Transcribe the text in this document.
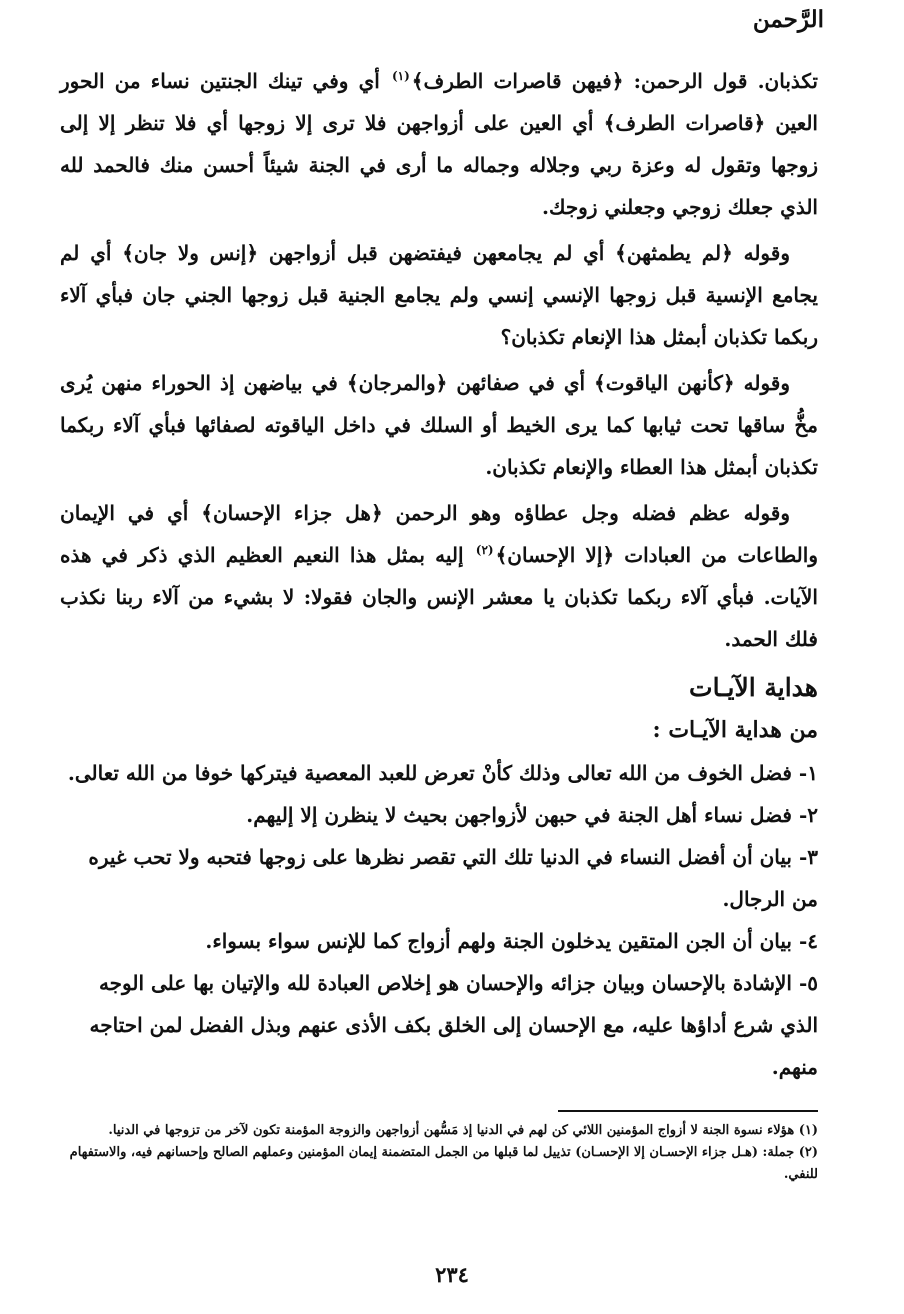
الرَّحمن

تكذبان. قول الرحمن: ﴿فيهن قاصرات الطرف﴾$^{(١)}$ أي وفي تينك الجنتين نساء من الحور العين ﴿قاصرات الطرف﴾ أي العين على أزواجهن فلا ترى إلا زوجها أي فلا تنظر إلا إلى زوجها وتقول له وعزة ربي وجلاله وجماله ما أرى في الجنة شيئاً أحسن منك فالحمد لله الذي جعلك زوجي وجعلني زوجك.

وقوله ﴿لم يطمثهن﴾ أي لم يجامعهن فيفتضهن قبل أزواجهن ﴿إنس ولا جان﴾ أي لم يجامع الإنسية قبل زوجها الإنسي إنسي ولم يجامع الجنية قبل زوجها الجني جان فبأي آلاء ربكما تكذبان أبمثل هذا الإنعام تكذبان؟

وقوله ﴿كأنهن الياقوت﴾ أي في صفائهن ﴿والمرجان﴾ في بياضهن إذ الحوراء منهن يُرى مخُّ ساقها تحت ثيابها كما يرى الخيط أو السلك في داخل الياقوته لصفائها فبأي آلاء ربكما تكذبان أبمثل هذا العطاء والإنعام تكذبان.

وقوله عظم فضله وجل عطاؤه وهو الرحمن ﴿هل جزاء الإحسان﴾ أي في الإيمان والطاعات من العبادات ﴿إلا الإحسان﴾$^{(٢)}$ إليه بمثل هذا النعيم العظيم الذي ذكر في هذه الآيات. فبأي آلاء ربكما تكذبان يا معشر الإنس والجان فقولا: لا بشيء من آلاء ربنا نكذب فلك الحمد.

هداية الآيـات
من هداية الآيـات :
١- فضل الخوف من الله تعالى وذلك كأنْ تعرض للعبد المعصية فيتركها خوفا من الله تعالى.
٢- فضل نساء أهل الجنة في حبهن لأزواجهن بحيث لا ينظرن إلا إليهم.
٣- بيان أن أفضل النساء في الدنيا تلك التي تقصر نظرها على زوجها فتحبه ولا تحب غيره من الرجال.
٤- بيان أن الجن المتقين يدخلون الجنة ولهم أزواج كما للإنس سواء بسواء.
٥- الإشادة بالإحسان وبيان جزائه والإحسان هو إخلاص العبادة لله والإتيان بها على الوجه الذي شرع أداؤها عليه، مع الإحسان إلى الخلق بكف الأذى عنهم وبذل الفضل لمن احتاجه منهم.

(١) هؤلاء نسوة الجنة لا أزواج المؤمنين اللائي كن لهم في الدنيا إذ مَسُّهن أزواجهن والزوجة المؤمنة تكون لآخر من تزوجها في الدنيا.

(٢) جملة: (هـل جزاء الإحسـان إلا الإحسـان) تذييل لما قبلها من الجمل المتضمنة إيمان المؤمنين وعملهم الصالح وإحسانهم فيه، والاستفهام للنفي.

٢٣٤
